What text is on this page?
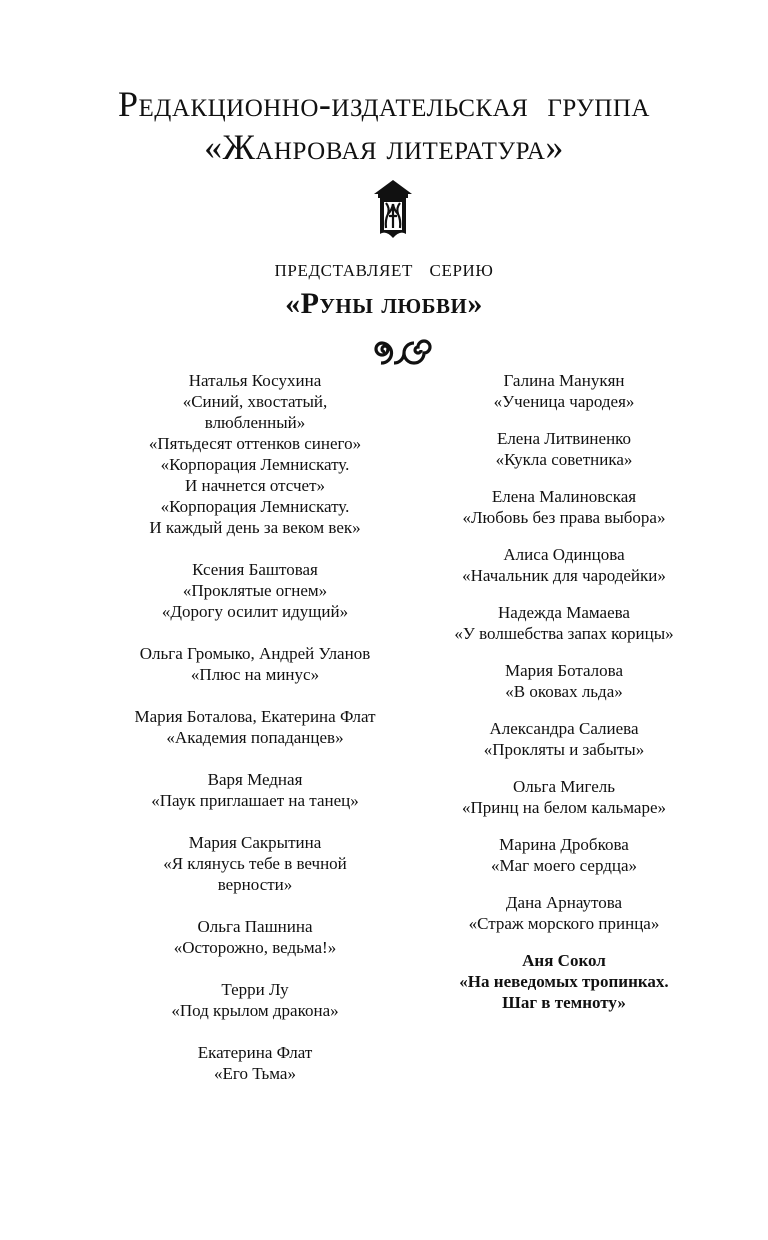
Редакционно-издательская группа
«Жанровая литература»
представляет серию
«Руны любви»
Наталья Косухина
«Синий, хвостатый,
влюбленный»
«Пятьдесят оттенков синего»
«Корпорация Лемнискату.
И начнется отсчет»
«Корпорация Лемнискату.
И каждый день за веком век»
Ксения Баштовая
«Проклятые огнем»
«Дорогу осилит идущий»
Ольга Громыко, Андрей Уланов
«Плюс на минус»
Мария Боталова, Екатерина Флат
«Академия попаданцев»
Варя Медная
«Паук приглашает на танец»
Мария Сакрытина
«Я клянусь тебе в вечной
верности»
Ольга Пашнина
«Осторожно, ведьма!»
Терри Лу
«Под крылом дракона»
Екатерина Флат
«Его Тьма»
Галина Манукян
«Ученица чародея»
Елена Литвиненко
«Кукла советника»
Елена Малиновская
«Любовь без права выбора»
Алиса Одинцова
«Начальник для чародейки»
Надежда Мамаева
«У волшебства запах корицы»
Мария Боталова
«В оковах льда»
Александра Салиева
«Прокляты и забыты»
Ольга Мигель
«Принц на белом кальмаре»
Марина Дробкова
«Маг моего сердца»
Дана Арнаутова
«Страж морского принца»
Аня Сокол
«На неведомых тропинках.
Шаг в темноту»
